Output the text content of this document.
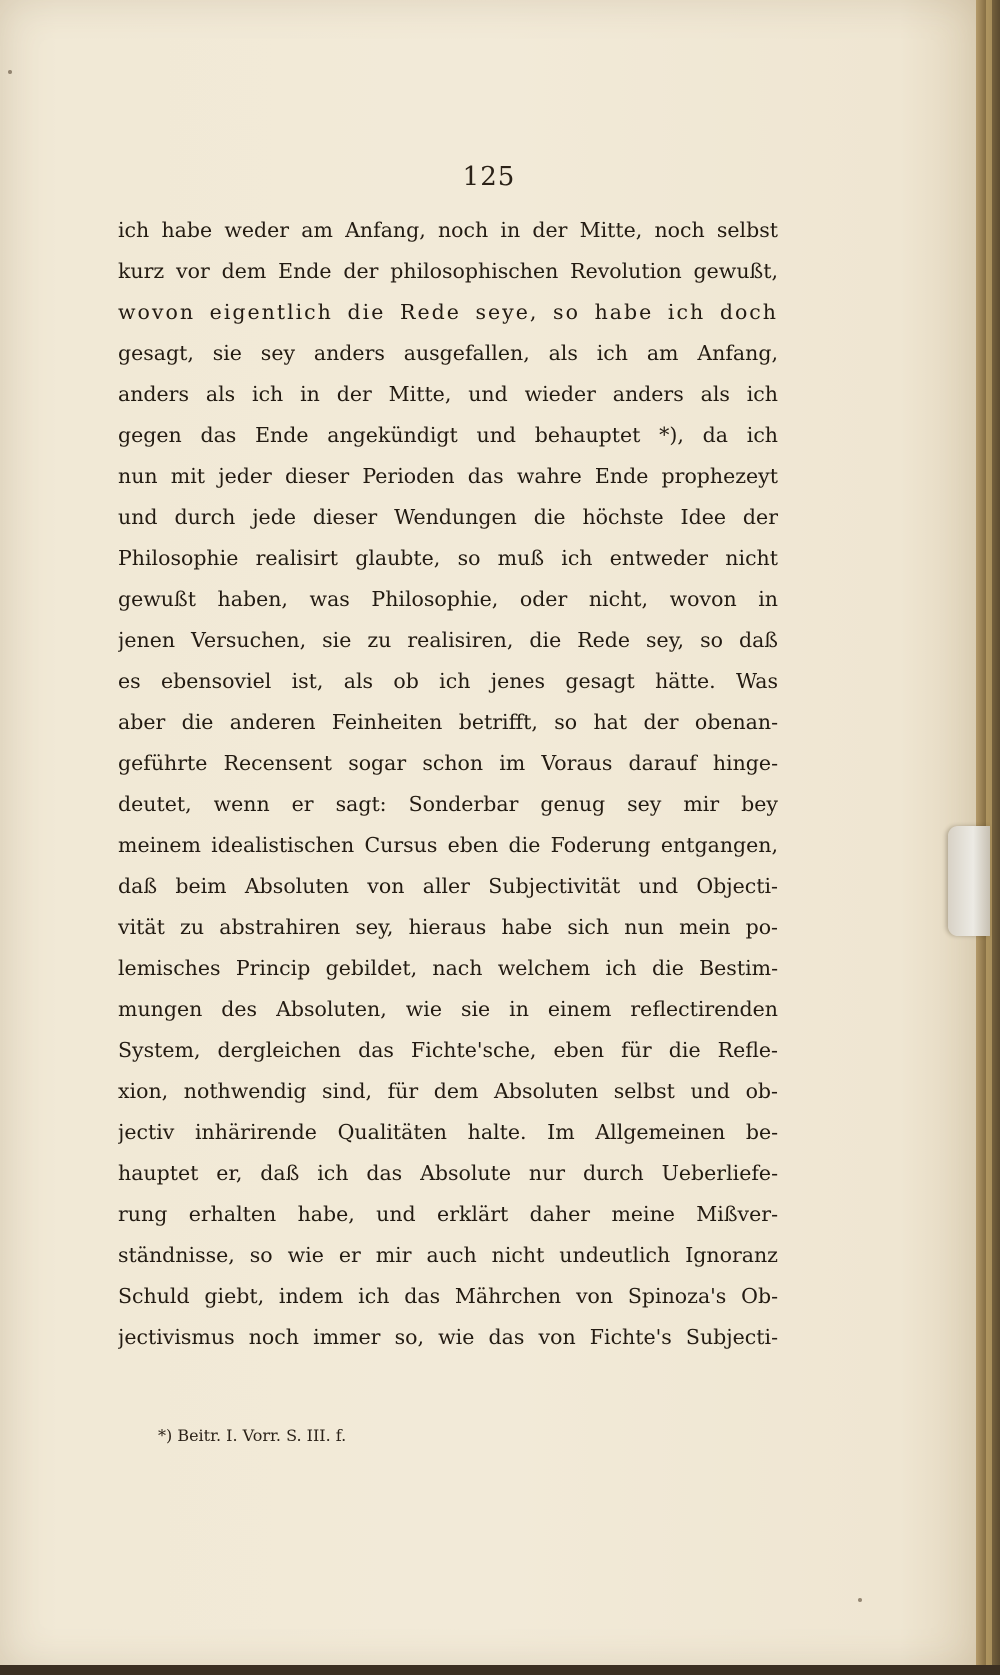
125
ich habe weder am Anfang, noch in der Mitte, noch selbst
kurz vor dem Ende der philosophischen Revolution gewußt,
wovon eigentlich die Rede seye, so habe ich doch
gesagt, sie sey anders ausgefallen, als ich am Anfang,
anders als ich in der Mitte, und wieder anders als ich
gegen das Ende angekündigt und behauptet *), da ich
nun mit jeder dieser Perioden das wahre Ende prophezeyt
und durch jede dieser Wendungen die höchste Idee der
Philosophie realisirt glaubte, so muß ich entweder nicht
gewußt haben, was Philosophie, oder nicht, wovon in
jenen Versuchen, sie zu realisiren, die Rede sey, so daß
es ebensoviel ist, als ob ich jenes gesagt hätte. Was
aber die anderen Feinheiten betrifft, so hat der obenan-
geführte Recensent sogar schon im Voraus darauf hinge-
deutet, wenn er sagt: Sonderbar genug sey mir bey
meinem idealistischen Cursus eben die Foderung entgangen,
daß beim Absoluten von aller Subjectivität und Objecti-
vität zu abstrahiren sey, hieraus habe sich nun mein po-
lemisches Princip gebildet, nach welchem ich die Bestim-
mungen des Absoluten, wie sie in einem reflectirenden
System, dergleichen das Fichte'sche, eben für die Refle-
xion, nothwendig sind, für dem Absoluten selbst und ob-
jectiv inhärirende Qualitäten halte. Im Allgemeinen be-
hauptet er, daß ich das Absolute nur durch Ueberliefe-
rung erhalten habe, und erklärt daher meine Mißver-
ständnisse, so wie er mir auch nicht undeutlich Ignoranz
Schuld giebt, indem ich das Mährchen von Spinoza's Ob-
jectivismus noch immer so, wie das von Fichte's Subjecti-
*) Beitr. I. Vorr. S. III. f.
